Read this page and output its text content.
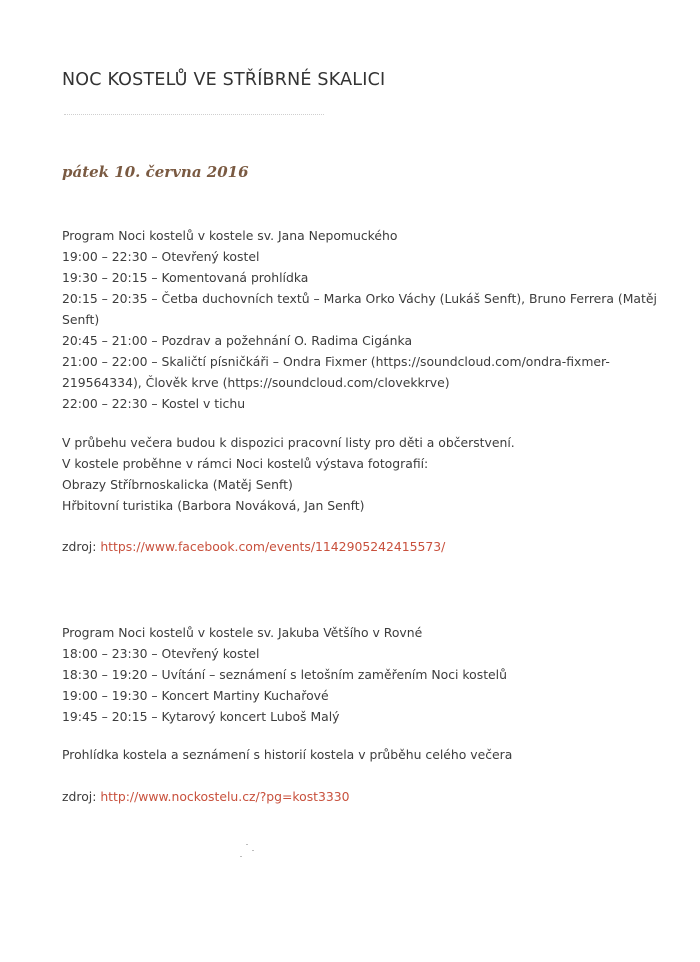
NOC KOSTELŮ VE STŘÍBRNÉ SKALICI
pátek 10. června 2016
Program Noci kostelů v kostele sv. Jana Nepomuckého
19:00 – 22:30 – Otevřený kostel
19:30 – 20:15 – Komentovaná prohlídka
20:15 – 20:35 – Četba duchovních textů – Marka Orko Váchy (Lukáš Senft), Bruno Ferrera (Matěj Senft)
20:45 – 21:00 – Pozdrav a požehnání O. Radima Cigánka
21:00 – 22:00 – Skaličtí písničkáři – Ondra Fixmer (https://soundcloud.com/ondra-fixmer-219564334), Člověk krve (https://soundcloud.com/clovekkrve)
22:00 – 22:30 – Kostel v tichu
V průbehu večera budou k dispozici pracovní listy pro děti a občerstvení.
V kostele proběhne v rámci Noci kostelů výstava fotografií:
Obrazy Stříbrnoskalicka (Matěj Senft)
Hřbitovní turistika (Barbora Nováková, Jan Senft)
zdroj: https://www.facebook.com/events/1142905242415573/
Program Noci kostelů v kostele sv. Jakuba Většího v Rovné
18:00 – 23:30 – Otevřený kostel
18:30 – 19:20 – Uvítání – seznámení s letošním zaměřením Noci kostelů
19:00 – 19:30 – Koncert Martiny Kuchařové
19:45 – 20:15 – Kytarový koncert Luboš Malý
Prohlídka kostela a seznámení s historií kostela v průběhu celého večera
zdroj: http://www.nockostelu.cz/?pg=kost3330
